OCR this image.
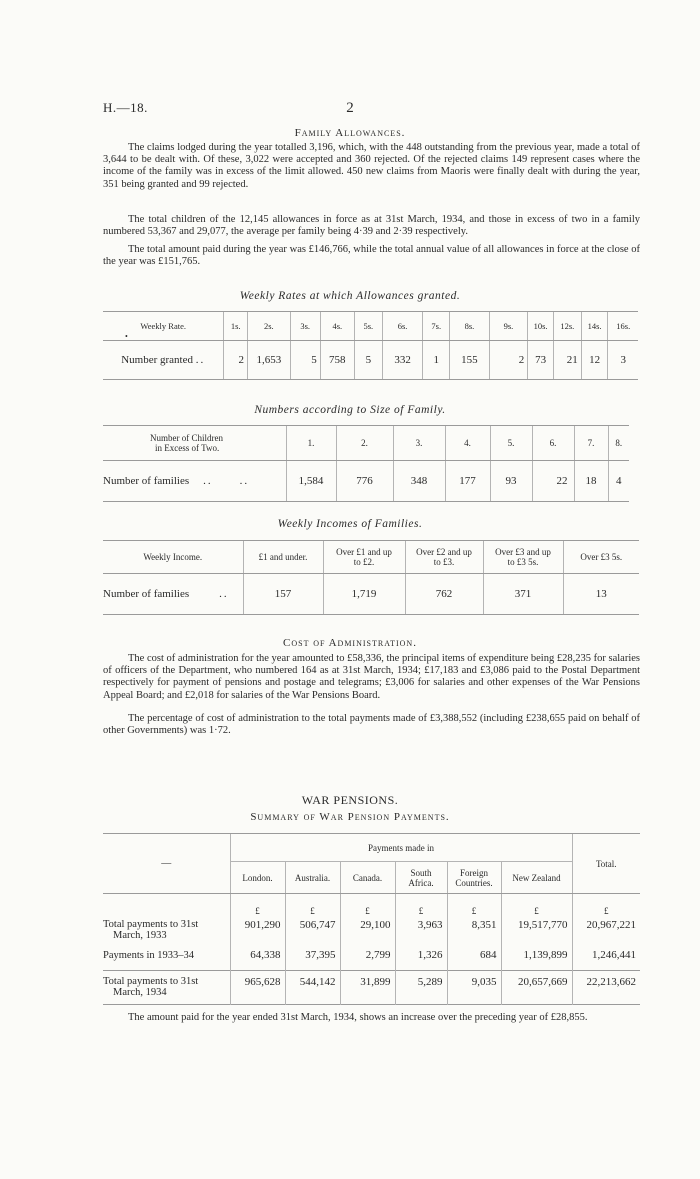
H.—18.	2
Family Allowances.
The claims lodged during the year totalled 3,196, which, with the 448 outstanding from the previous year, made a total of 3,644 to be dealt with. Of these, 3,022 were accepted and 360 rejected. Of the rejected claims 149 represent cases where the income of the family was in excess of the limit allowed. 450 new claims from Maoris were finally dealt with during the year, 351 being granted and 99 rejected.
The total children of the 12,145 allowances in force as at 31st March, 1934, and those in excess of two in a family numbered 53,367 and 29,077, the average per family being 4·39 and 2·39 respectively.
The total amount paid during the year was £146,766, while the total annual value of all allowances in force at the close of the year was £151,765.
Weekly Rates at which Allowances granted.
•
Weekly Rate.	1s.	2s.	3s.	4s.	5s.	6s.	7s.	8s.	9s.	10s.	12s.	14s.	16s.
Number granted ..	2	1,653	5	758	5	332	1	155	2	73	21	12	3
Numbers according to Size of Family.
Number of Children
in Excess of Two.	1.	2.	3.	4.	5.	6.	7.	8.
Number of families .. ..	1,584	776	348	177	93	22	18	4
Weekly Incomes of Families.
Weekly Income.	£1 and under.	Over £1 and up
to £2.	Over £2 and up
to £3.	Over £3 and up
to £3 5s.	Over £3 5s.
Number of families ..	157	1,719	762	371	13
Cost of Administration.
The cost of administration for the year amounted to £58,336, the principal items of expenditure being £28,235 for salaries of officers of the Department, who numbered 164 as at 31st March, 1934; £17,183 and £3,086 paid to the Postal Department respectively for payment of pensions and postage and telegrams; £3,006 for salaries and other expenses of the War Pensions Appeal Board; and £2,018 for salaries of the War Pensions Board.
The percentage of cost of administration to the total payments made of £3,388,552 (including £238,655 paid on behalf of other Governments) was 1·72.
WAR PENSIONS.
Summary of War Pension Payments.
—	Payments made in						Total.
	London.	Australia.	Canada.	South
Africa.	Foreign
Countries.	New Zealand	
	£	£	£	£	£	£	£
Total payments to 31st
March, 1933	901,290	506,747	29,100	3,963	8,351	19,517,770	20,967,221
Payments in 1933–34	64,338	37,395	2,799	1,326	684	1,139,899	1,246,441
Total payments to 31st
March, 1934	965,628	544,142	31,899	5,289	9,035	20,657,669	22,213,662
The amount paid for the year ended 31st March, 1934, shows an increase over the preceding year of £28,855.
